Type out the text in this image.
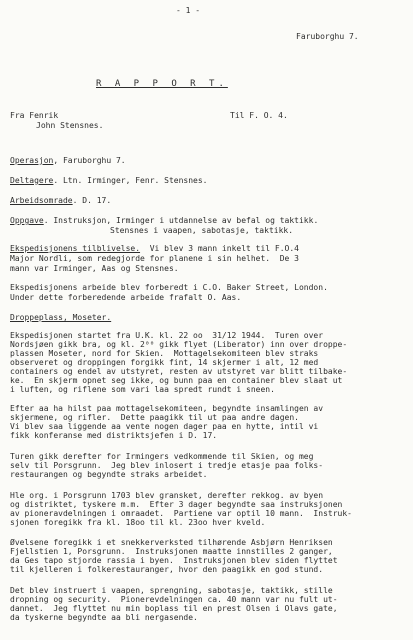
- 1 -
Faruborghu 7.
R A P P O R T.
Fra Fenrik	Til F. O. 4.
John Stensnes.
Operasjon, Faruborghu 7.
Deltagere. Ltn. Irminger, Fenr. Stensnes.
Arbeidsomrade. D. 17.
Oppgave. Instruksjon, Irminger i utdannelse av befal og taktikk.
Stensnes i vaapen, sabotasje, taktikk.
Ekspedisjonens tilblivelse. Vi blev 3 mann inkelt til F.O.4
Major Nordli, som redegjorde for planene i sin helhet.  De 3
mann var Irminger, Aas og Stensnes.
Ekspedisjonens arbeide blev forberedt i C.O. Baker Street, London.
Under dette forberedende arbeide frafalt O. Aas.
Droppeplass, Moseter.
Ekspedisjonen startet fra U.K. kl. 22 oo  31/12 1944.  Turen over
Nordsjøen gikk bra, og kl. 2⁰⁰ gikk flyet (Liberator) inn over droppe-
plassen Moseter, nord for Skien.  Mottagelsekomiteen blev straks
observeret og droppingen forgikk fint, 14 skjermer i alt, 12 med
containers og endel av utstyret, resten av utstyret var blitt tilbake-
ke.  En skjerm opnet seg ikke, og bunn paa en container blev slaat ut
i luften, og riflene som vari laa spredt rundt i sneen.
Efter aa ha hilst paa mottagelsekomiteen, begyndte insamlingen av
skjermene, og rifler.  Dette paagikk til ut paa andre dagen.
Vi blev saa liggende aa vente nogen dager paa en hytte, intil vi
fikk konferanse med distriktsjefen i D. 17.
Turen gikk derefter for Irmingers vedkommende til Skien, og meg
selv til Porsgrunn.  Jeg blev inlosert i tredje etasje paa folks-
restaurangen og begyndte straks arbeidet.
Hle org. i Porsgrunn 1703 blev gransket, derefter rekkog. av byen
og distriktet, tyskere m.m.  Efter 3 dager begyndte saa instruksjonen
av pioneravdelningen i omraadet.  Partiene var optil 10 mann.  Instruk-
sjonen foregikk fra kl. 18oo til kl. 23oo hver kveld.
Øvelsene foregikk i et snekkerverksted tilhørende Asbjørn Henriksen
Fjellstien 1, Porsgrunn.  Instruksjonen maatte innstilles 2 ganger,
da Ges tapo stjorde rassia i byen.  Instruksjonen blev siden flyttet
til kjelleren i folkerestauranger, hvor den paagikk en god stund.
Det blev instruert i vaapen, sprengning, sabotasje, taktikk, stille
dropning og security.  Pionerevdelningen ca. 40 mann var nu fult ut-
dannet.  Jeg flyttet nu min boplass til en prest Olsen i Olavs gate,
da tyskerne begyndte aa bli nergasende.
